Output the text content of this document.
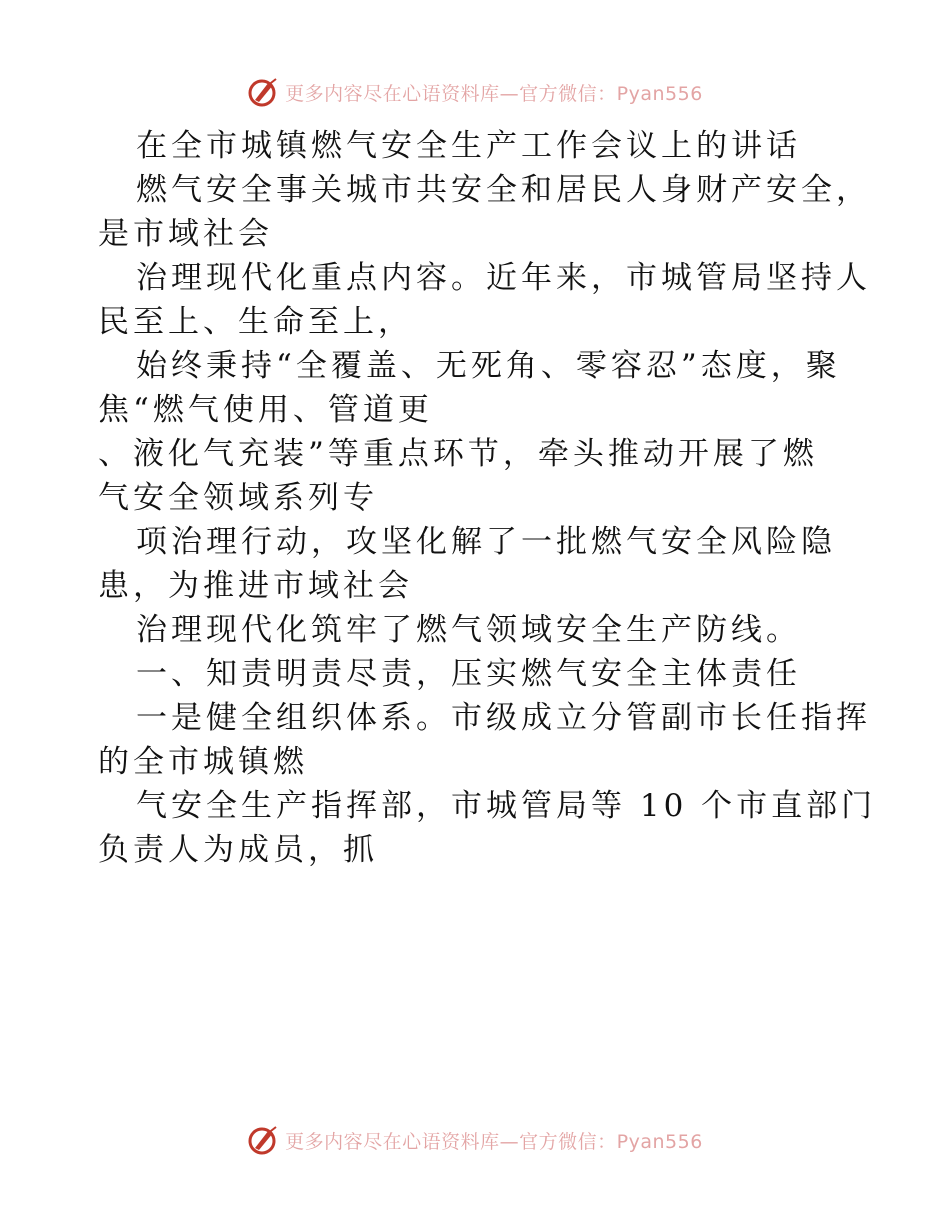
更多内容尽在心语资料库—官方微信：Pyan556
在全市城镇燃气安全生产工作会议上的讲话
燃气安全事关城市共安全和居民人身财产安全，
是市域社会
治理现代化重点内容。近年来，市城管局坚持人
民至上、生命至上，
始终秉持“全覆盖、无死角、零容忍”态度，聚
焦“燃气使用、管道更
、液化气充装”等重点环节，牵头推动开展了燃
气安全领域系列专
项治理行动，攻坚化解了一批燃气安全风险隐
患，为推进市域社会
治理现代化筑牢了燃气领域安全生产防线。
一、知责明责尽责，压实燃气安全主体责任
一是健全组织体系。市级成立分管副市长任指挥
的全市城镇燃
气安全生产指挥部，市城管局等 10 个市直部门
负责人为成员，抓
更多内容尽在心语资料库—官方微信：Pyan556
